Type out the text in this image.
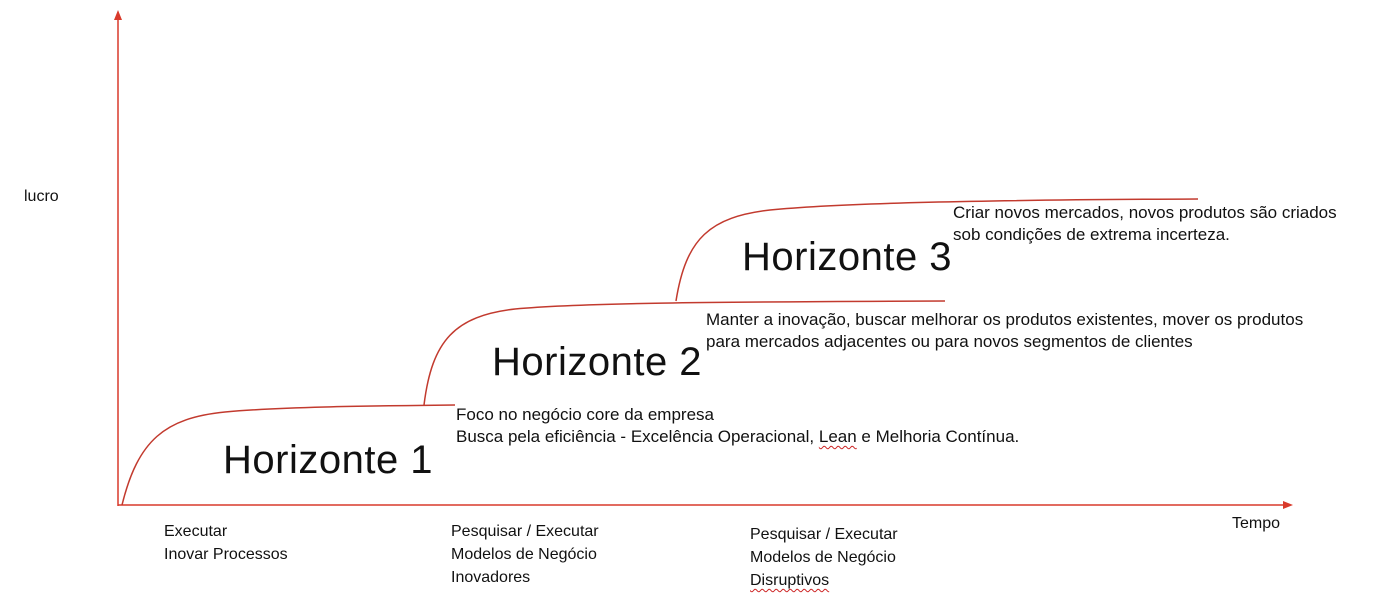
lucro
Tempo
Horizonte 1
Horizonte 2
Horizonte 3
Foco no negócio core da empresa
Busca pela eficiência - Excelência Operacional, Lean e Melhoria Contínua.
Manter a inovação, buscar melhorar os produtos existentes, mover os produtos
para mercados adjacentes ou para novos segmentos de clientes
Criar novos mercados, novos produtos são criados
sob condições de extrema incerteza.
Executar
Inovar Processos
Pesquisar / Executar
Modelos de Negócio
Inovadores
Pesquisar / Executar
Modelos de Negócio
Disruptivos
